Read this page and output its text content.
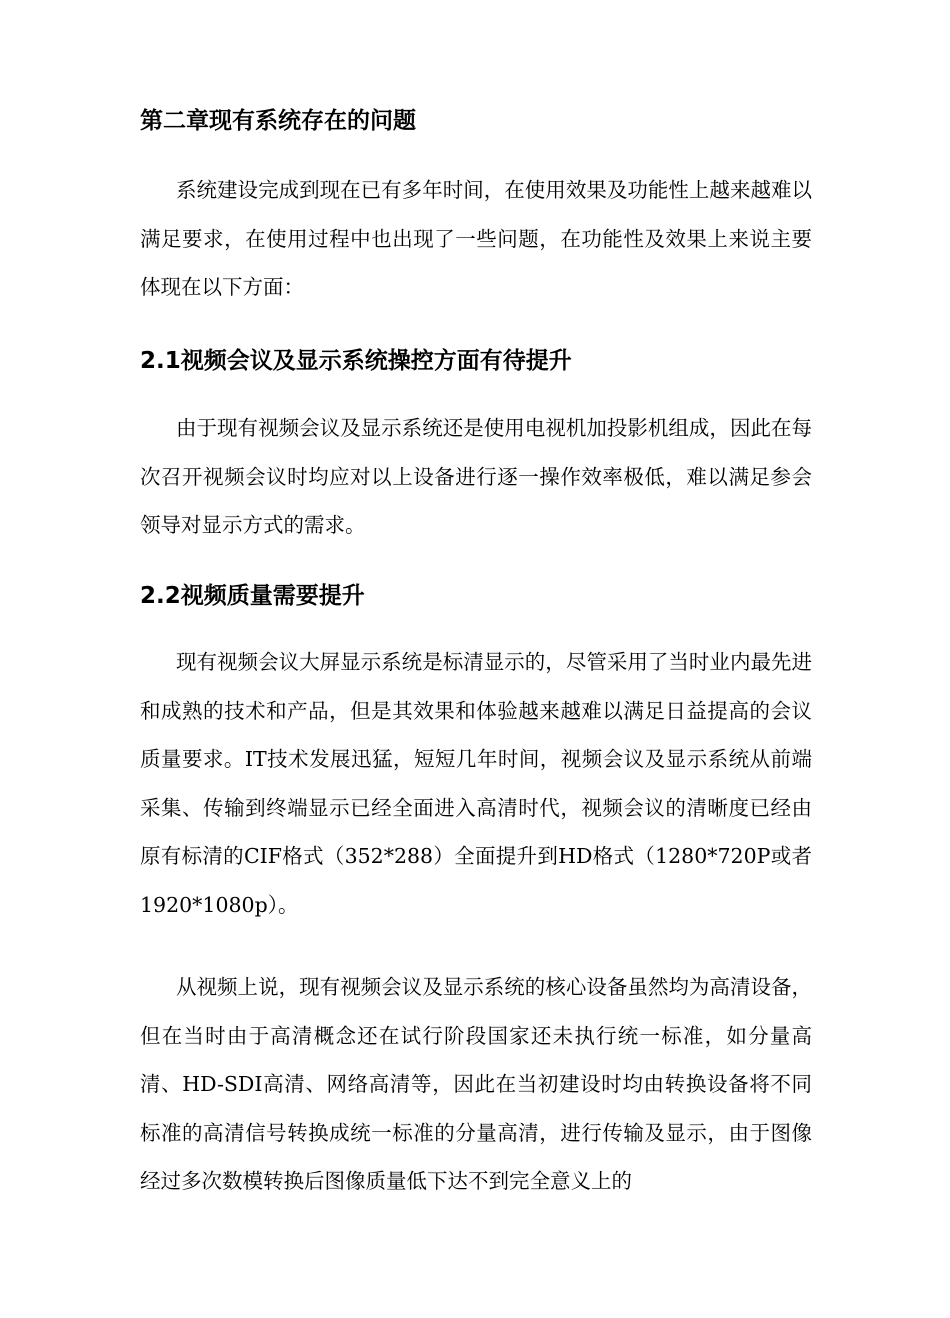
第二章现有系统存在的问题

系统建设完成到现在已有多年时间，在使用效果及功能性上越来越难以满足要求，在使用过程中也出现了一些问题，在功能性及效果上来说主要体现在以下方面：

2.1视频会议及显示系统操控方面有待提升

由于现有视频会议及显示系统还是使用电视机加投影机组成，因此在每次召开视频会议时均应对以上设备进行逐一操作效率极低，难以满足参会领导对显示方式的需求。

2.2视频质量需要提升

现有视频会议大屏显示系统是标清显示的，尽管采用了当时业内最先进和成熟的技术和产品，但是其效果和体验越来越难以满足日益提高的会议质量要求。IT技术发展迅猛，短短几年时间，视频会议及显示系统从前端采集、传输到终端显示已经全面进入高清时代，视频会议的清晰度已经由原有标清的CIF格式（352*288）全面提升到HD格式（1280*720P或者1920*1080p）。

从视频上说，现有视频会议及显示系统的核心设备虽然均为高清设备，但在当时由于高清概念还在试行阶段国家还未执行统一标准，如分量高清、HD-SDI高清、网络高清等，因此在当初建设时均由转换设备将不同标准的高清信号转换成统一标准的分量高清，进行传输及显示，由于图像经过多次数模转换后图像质量低下达不到完全意义上的
